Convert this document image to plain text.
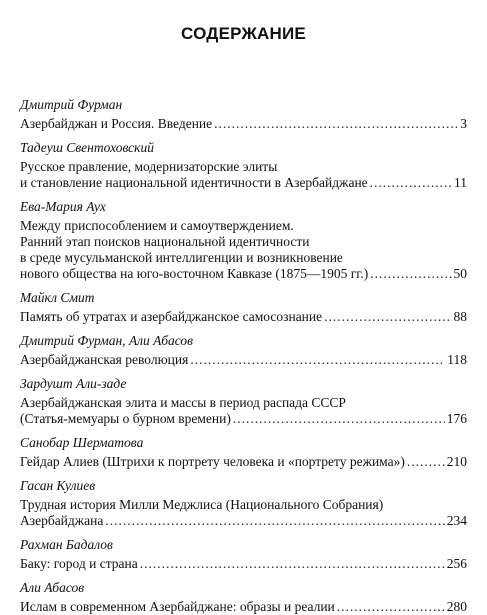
СОДЕРЖАНИЕ
Дмитрий Фурман
Азербайджан и Россия. Введение .....	3
Тадеуш Свентоховский
Русское правление, модернизаторские элиты
и становление национальной идентичности в Азербайджане .....	11
Ева-Мария Аух
Между приспособлением и самоутверждением.
Ранний этап поисков национальной идентичности
в среде мусульманской интеллигенции и возникновение
нового общества на юго-восточном Кавказе (1875—1905 гг.) .....	50
Майкл Смит
Память об утратах и азербайджанское самосознание .....	88
Дмитрий Фурман, Али Абасов
Азербайджанская революция .....	118
Зардушт Али-заде
Азербайджанская элита и массы в период распада СССР
(Статья-мемуары о бурном времени) .....	176
Санобар Шерматова
Гейдар Алиев (Штрихи к портрету человека и «портрету режима») .....	210
Гасан Кулиев
Трудная история Милли Меджлиса (Национального Собрания)
Азербайджана .....	234
Рахман Бадалов
Баку: город и страна .....	256
Али Абасов
Ислам в современном Азербайджане: образы и реалии .....	280
